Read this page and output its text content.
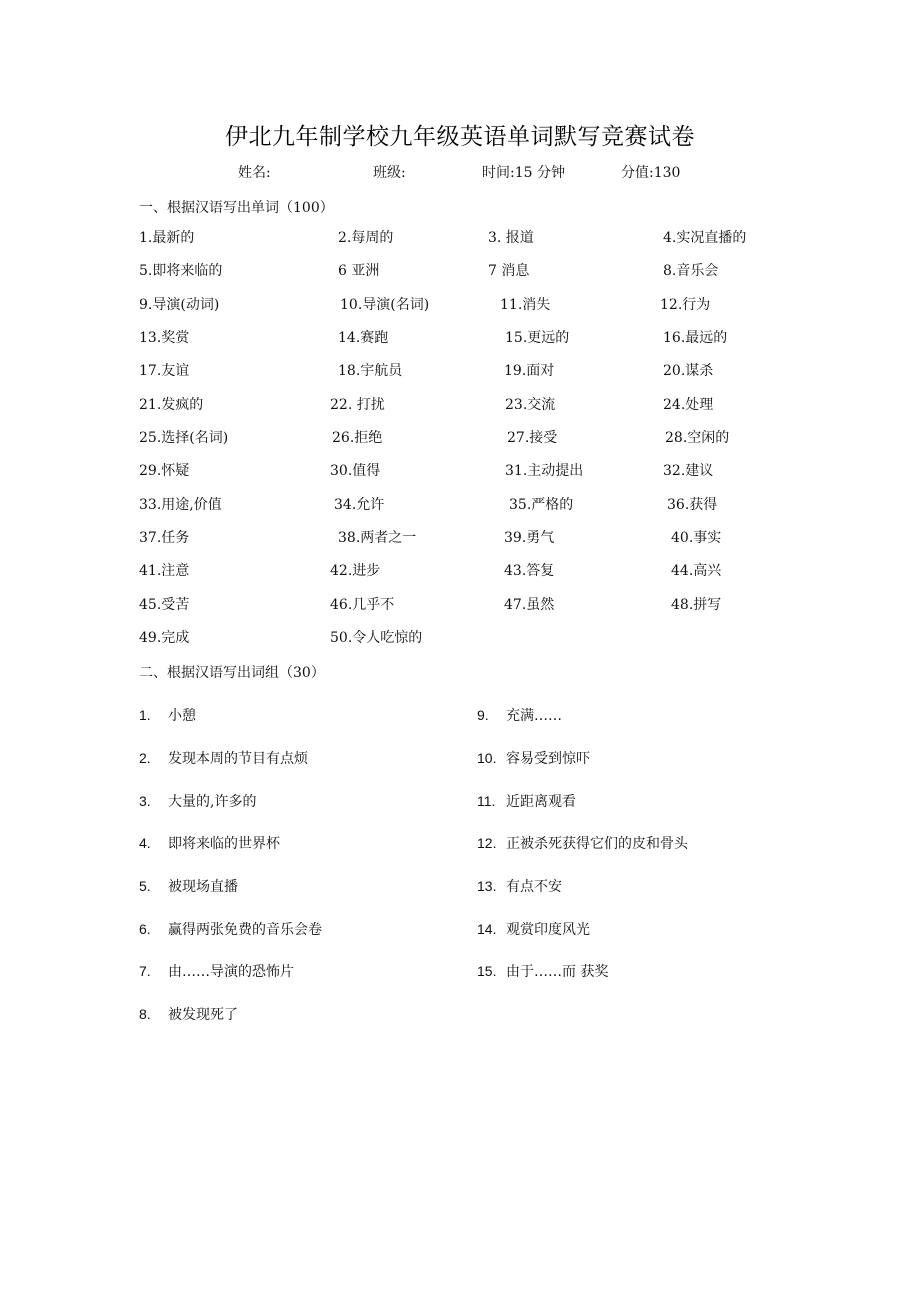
伊北九年制学校九年级英语单词默写竞赛试卷
姓名:	班级:	时间:15 分钟	分值:130
一、根据汉语写出单词（100）
1.最新的	2.每周的	3. 报道	4.实况直播的
5.即将来临的	6 亚洲	7 消息	8.音乐会
9.导演(动词)	10.导演(名词)	11.消失	12.行为
13.奖赏	14.赛跑	15.更远的	16.最远的
17.友谊	18.宇航员	19.面对	20.谋杀
21.发疯的	22. 打扰	23.交流	24.处理
25.选择(名词)	26.拒绝	27.接受	28.空闲的
29.怀疑	30.值得	31.主动提出	32.建议
33.用途,价值	34.允许	35.严格的	36.获得
37.任务	38.两者之一	39.勇气	40.事实
41.注意	42.进步	43.答复	44.高兴
45.受苦	46.几乎不	47.虽然	48.拼写
49.完成	50.令人吃惊的
二、根据汉语写出词组（30）
1. 小憩
2. 发现本周的节目有点烦
3. 大量的,许多的
4. 即将来临的世界杯
5. 被现场直播
6. 赢得两张免费的音乐会卷
7. 由……导演的恐怖片
8. 被发现死了
9. 充满……
10. 容易受到惊吓
11. 近距离观看
12. 正被杀死获得它们的皮和骨头
13. 有点不安
14. 观赏印度风光
15. 由于……而 获奖
